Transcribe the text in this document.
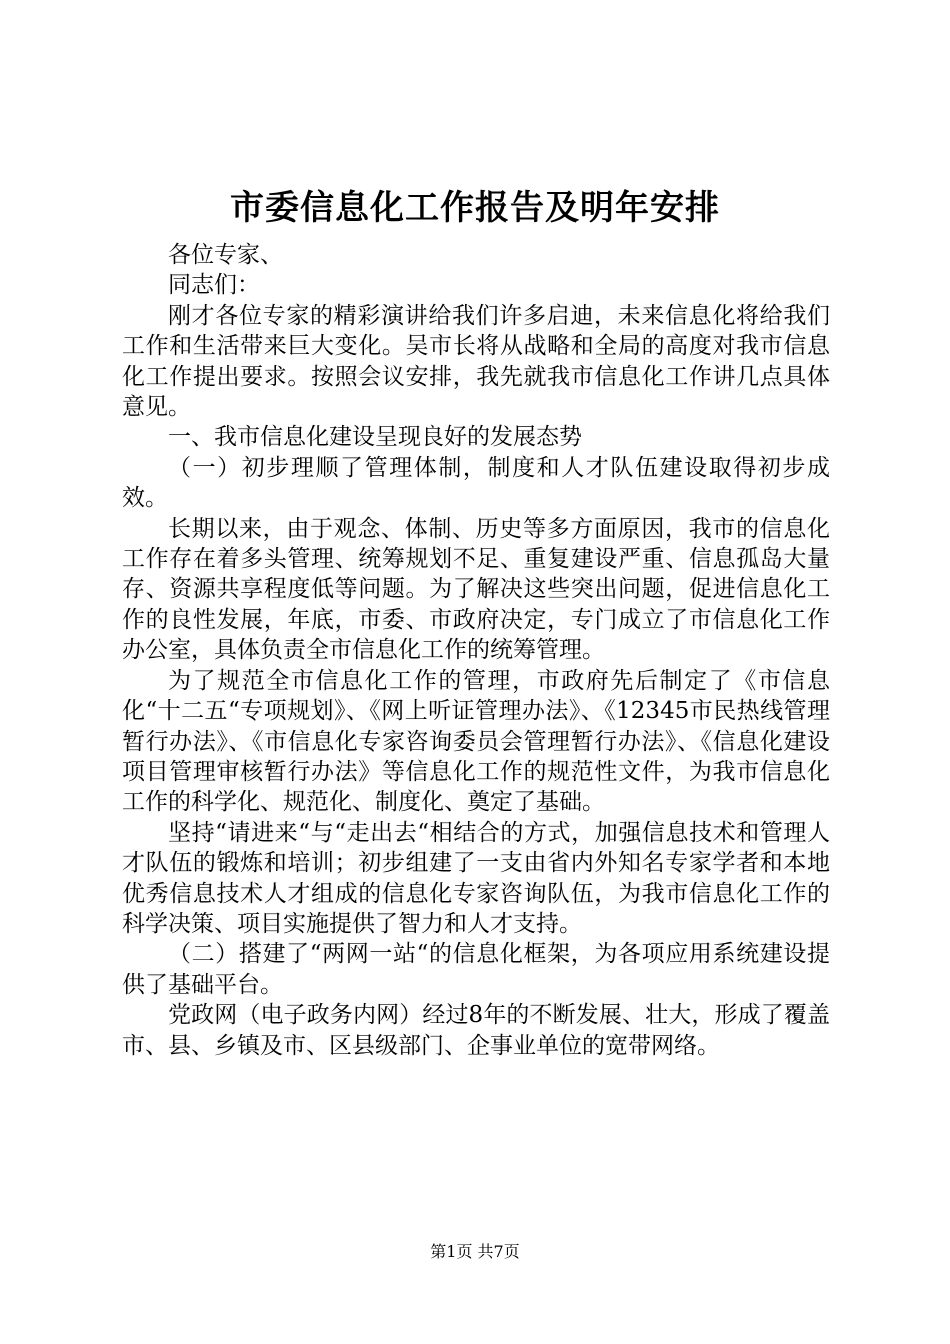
市委信息化工作报告及明年安排

各位专家、

同志们：

刚才各位专家的精彩演讲给我们许多启迪，未来信息化将给我们工作和生活带来巨大变化。吴市长将从战略和全局的高度对我市信息化工作提出要求。按照会议安排，我先就我市信息化工作讲几点具体意见。

一、我市信息化建设呈现良好的发展态势

（一）初步理顺了管理体制，制度和人才队伍建设取得初步成效。

长期以来，由于观念、体制、历史等多方面原因，我市的信息化工作存在着多头管理、统筹规划不足、重复建设严重、信息孤岛大量存、资源共享程度低等问题。为了解决这些突出问题，促进信息化工作的良性发展，年底，市委、市政府决定，专门成立了市信息化工作办公室，具体负责全市信息化工作的统筹管理。

为了规范全市信息化工作的管理，市政府先后制定了《市信息化“十二五“专项规划》、《网上听证管理办法》、《12345市民热线管理暂行办法》、《市信息化专家咨询委员会管理暂行办法》、《信息化建设项目管理审核暂行办法》等信息化工作的规范性文件，为我市信息化工作的科学化、规范化、制度化、奠定了基础。

坚持“请进来“与“走出去“相结合的方式，加强信息技术和管理人才队伍的锻炼和培训；初步组建了一支由省内外知名专家学者和本地优秀信息技术人才组成的信息化专家咨询队伍，为我市信息化工作的科学决策、项目实施提供了智力和人才支持。

（二）搭建了“两网一站“的信息化框架，为各项应用系统建设提供了基础平台。

党政网（电子政务内网）经过8年的不断发展、壮大，形成了覆盖市、县、乡镇及市、区县级部门、企事业单位的宽带网络。

第1页 共7页
